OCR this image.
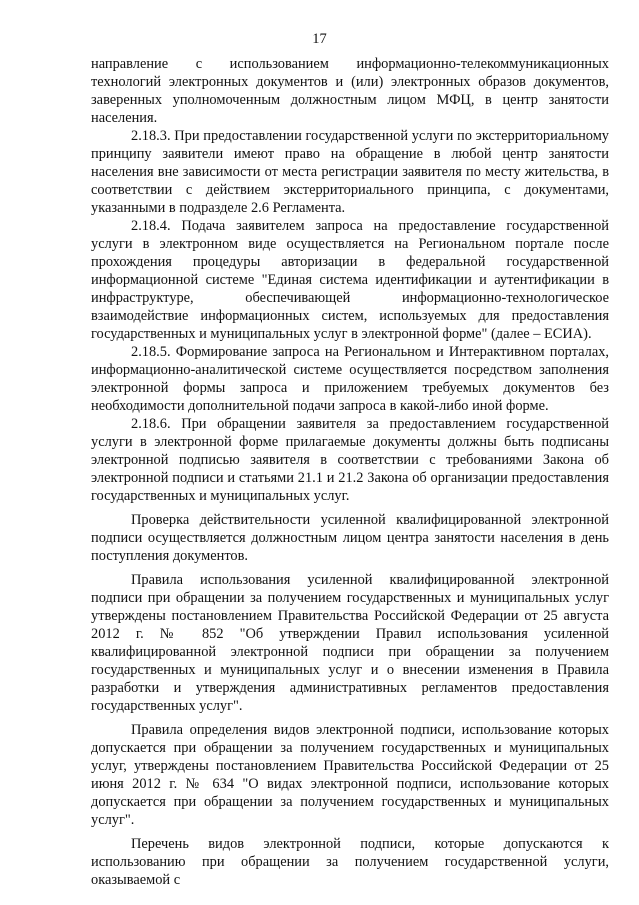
17

направление с использованием информационно-телекоммуникационных технологий электронных документов и (или) электронных образов документов, заверенных уполномоченным должностным лицом МФЦ, в центр занятости населения.

2.18.3. При предоставлении государственной услуги по экстерриториальному принципу заявители имеют право на обращение в любой центр занятости населения вне зависимости от места регистрации заявителя по месту жительства, в соответствии с действием экстерриториального принципа, с документами, указанными в подразделе 2.6 Регламента.

2.18.4. Подача заявителем запроса на предоставление государственной услуги в электронном виде осуществляется на Региональном портале после прохождения процедуры авторизации в федеральной государственной информационной системе "Единая система идентификации и аутентификации в инфраструктуре, обеспечивающей информационно-технологическое взаимодействие информационных систем, используемых для предоставления государственных и муниципальных услуг в электронной форме" (далее – ЕСИА).

2.18.5. Формирование запроса на Региональном и Интерактивном порталах, информационно-аналитической системе осуществляется посредством заполнения электронной формы запроса и приложением требуемых документов без необходимости дополнительной подачи запроса в какой-либо иной форме.

2.18.6. При обращении заявителя за предоставлением государственной услуги в электронной форме прилагаемые документы должны быть подписаны электронной подписью заявителя в соответствии с требованиями Закона об электронной подписи и статьями 21.1 и 21.2 Закона об организации предоставления государственных и муниципальных услуг.

Проверка действительности усиленной квалифицированной электронной подписи осуществляется должностным лицом центра занятости населения в день поступления документов.

Правила использования усиленной квалифицированной электронной подписи при обращении за получением государственных и муниципальных услуг утверждены постановлением Правительства Российской Федерации от 25 августа 2012 г. № 852 "Об утверждении Правил использования усиленной квалифицированной электронной подписи при обращении за получением государственных и муниципальных услуг и о внесении изменения в Правила разработки и утверждения административных регламентов предоставления государственных услуг".

Правила определения видов электронной подписи, использование которых допускается при обращении за получением государственных и муниципальных услуг, утверждены постановлением Правительства Российской Федерации от 25 июня 2012 г. № 634 "О видах электронной подписи, использование которых допускается при обращении за получением государственных и муниципальных услуг".

Перечень видов электронной подписи, которые допускаются к использованию при обращении за получением государственной услуги, оказываемой с
